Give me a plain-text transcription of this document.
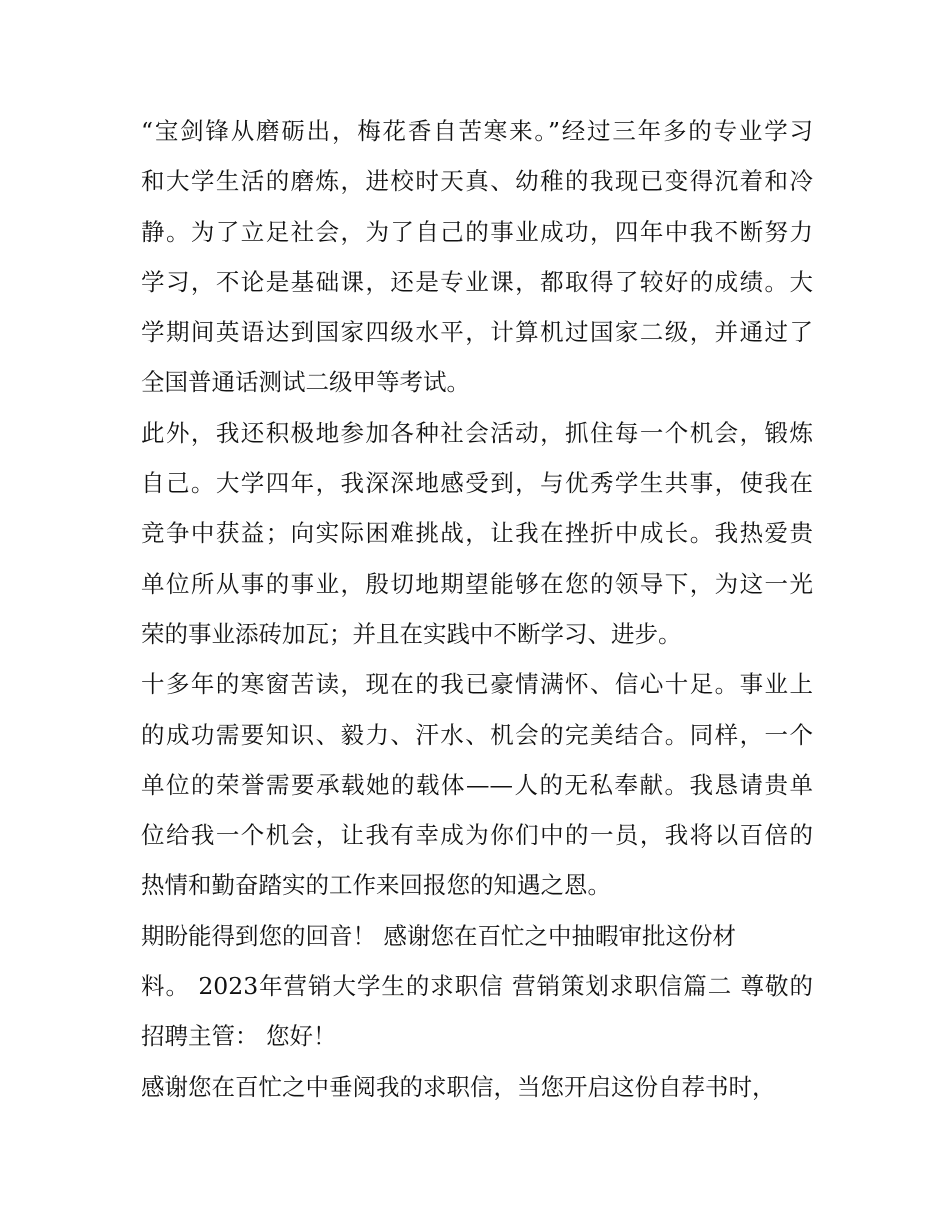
“宝剑锋从磨砺出，梅花香自苦寒来。”经过三年多的专业学习
和大学生活的磨炼，进校时天真、幼稚的我现已变得沉着和冷
静。为了立足社会，为了自己的事业成功，四年中我不断努力
学习，不论是基础课，还是专业课，都取得了较好的成绩。大
学期间英语达到国家四级水平，计算机过国家二级，并通过了
全国普通话测试二级甲等考试。
此外，我还积极地参加各种社会活动，抓住每一个机会，锻炼
自己。大学四年，我深深地感受到，与优秀学生共事，使我在
竞争中获益；向实际困难挑战，让我在挫折中成长。我热爱贵
单位所从事的事业，殷切地期望能够在您的领导下，为这一光
荣的事业添砖加瓦；并且在实践中不断学习、进步。
十多年的寒窗苦读，现在的我已豪情满怀、信心十足。事业上
的成功需要知识、毅力、汗水、机会的完美结合。同样，一个
单位的荣誉需要承载她的载体——人的无私奉献。我恳请贵单
位给我一个机会，让我有幸成为你们中的一员，我将以百倍的
热情和勤奋踏实的工作来回报您的知遇之恩。
期盼能得到您的回音！ 感谢您在百忙之中抽暇审批这份材
料。 2023年营销大学生的求职信 营销策划求职信篇二 尊敬的
招聘主管： 您好！
感谢您在百忙之中垂阅我的求职信，当您开启这份自荐书时，
